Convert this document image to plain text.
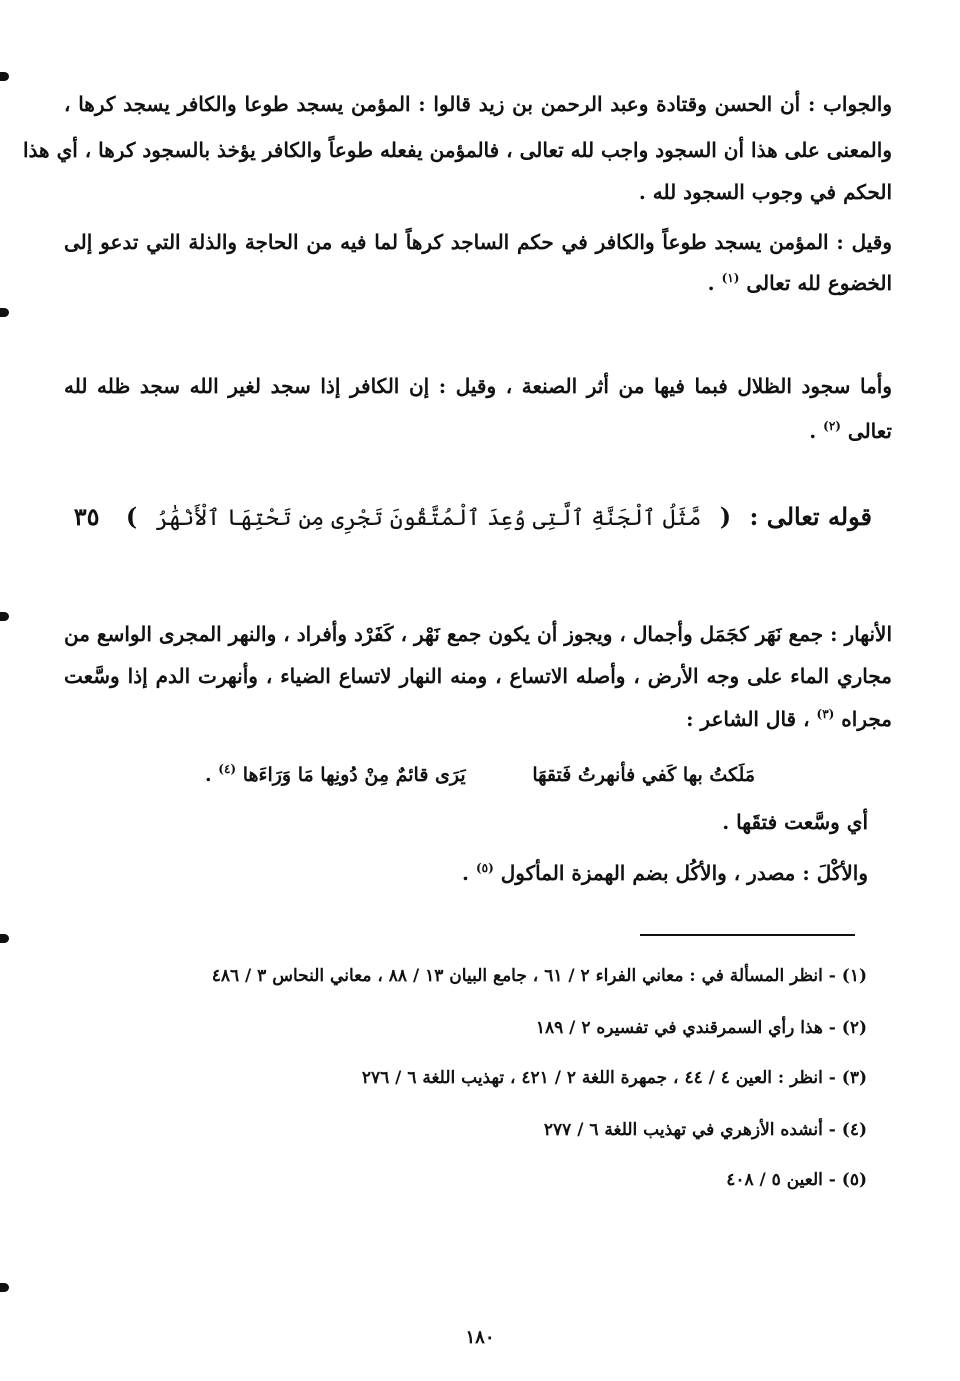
والجواب : أن الحسن وقتادة وعبد الرحمن بن زيد قالوا : المؤمن يسجد طوعا والكافر يسجد كرها ،
والمعنى على هذا أن السجود واجب لله تعالى ، فالمؤمن يفعله طوعاً والكافر يؤخذ بالسجود كرها ، أي هذا
الحكم في وجوب السجود لله .
وقيل : المؤمن يسجد طوعاً والكافر في حكم الساجد كرهاً لما فيه من الحاجة والذلة التي تدعو إلى
الخضوع لله تعالى $^{(١)}$ .
وأما سجود الظلال فبما فيها من أثر الصنعة ، وقيل : إن الكافر إذا سجد لغير الله سجد ظله لله
تعالى $^{(٢)}$ .
قوله تعالى : ( مَّثَلُ ٱلْجَنَّةِ ٱلَّتِى وُعِدَ ٱلْمُتَّقُونَ تَجْرِى مِن تَحْتِهَا ٱلْأَنْهَٰرُ ) ٣٥
الأنهار : جمع نَهَر كجَمَل وأجمال ، ويجوز أن يكون جمع نَهْر ، كَفَرْد وأفراد ، والنهر المجرى الواسع من
مجاري الماء على وجه الأرض ، وأصله الاتساع ، ومنه النهار لاتساع الضياء ، وأنهرت الدم إذا وسَّعت
مجراه $^{(٣)}$ ، قال الشاعر :
مَلَكتُ بها كَفي فأنهرتُ فَتقهَا يَرَى قائمٌ مِنْ دُونِها مَا وَرَاءَها $^{(٤)}$ .
أي وسَّعت فتقَها .
والأكْلَ : مصدر ، والأكُل بضم الهمزة المأكول $^{(٥)}$ .
(١) - انظر المسألة في : معاني الفراء ٢ / ٦١ ، جامع البيان ١٣ / ٨٨ ، معاني النحاس ٣ / ٤٨٦
(٢) - هذا رأي السمرقندي في تفسيره ٢ / ١٨٩
(٣) - انظر : العين ٤ / ٤٤ ، جمهرة اللغة ٢ / ٤٢١ ، تهذيب اللغة ٦ / ٢٧٦
(٤) - أنشده الأزهري في تهذيب اللغة ٦ / ٢٧٧
(٥) - العين ٥ / ٤٠٨
١٨٠
